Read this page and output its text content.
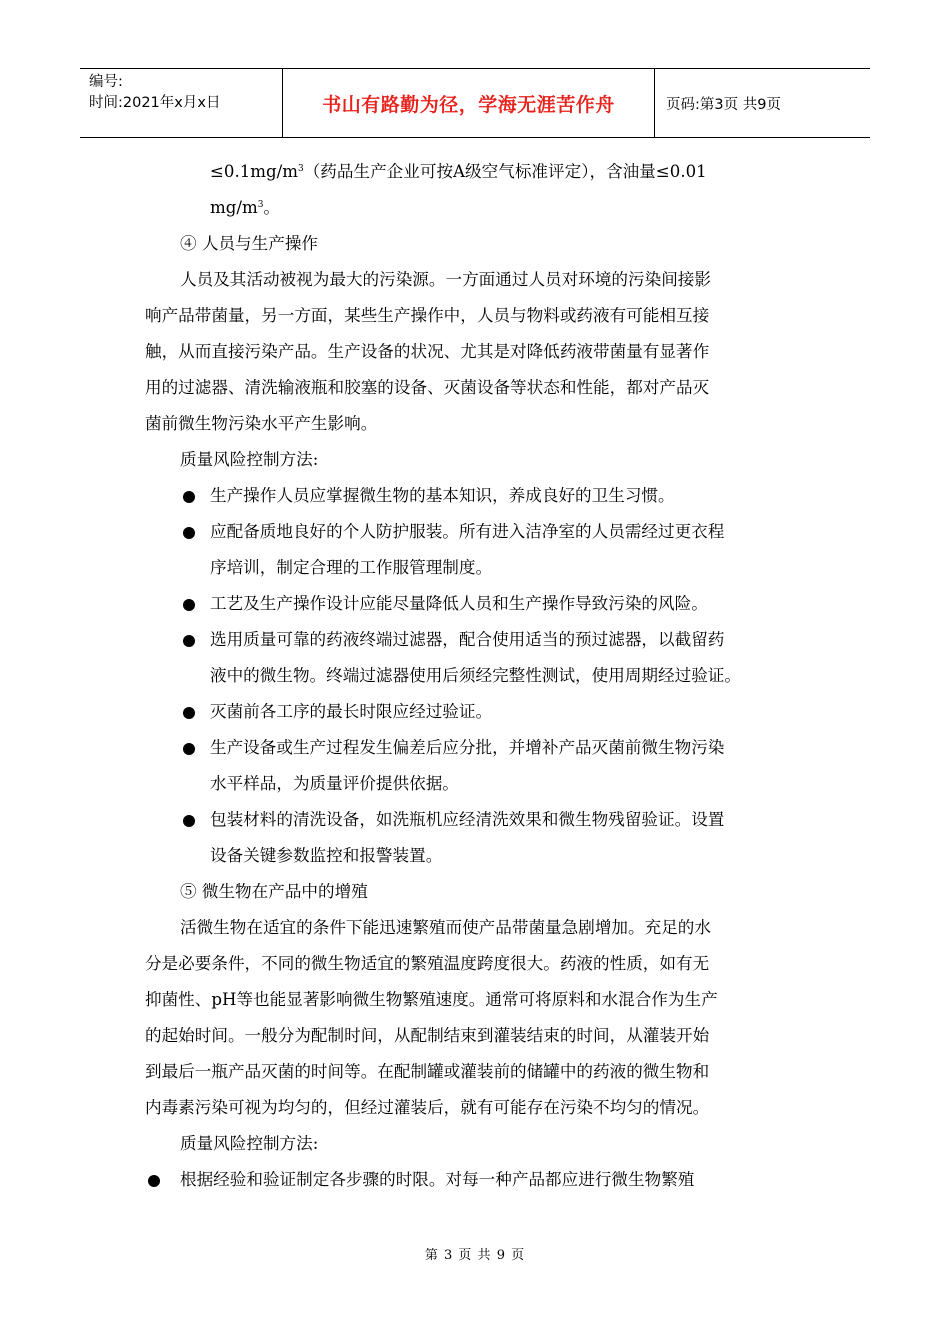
编号:
时间:2021年x月x日	书山有路勤为径，学海无涯苦作舟	页码:第3页 共9页
$\le 0.1mg/m^3$（药品生产企业可按A级空气标准评定），含油量≤0.01
$mg/m^3$。
④ 人员与生产操作
人员及其活动被视为最大的污染源。一方面通过人员对环境的污染间接影
响产品带菌量，另一方面，某些生产操作中，人员与物料或药液有可能相互接
触，从而直接污染产品。生产设备的状况、尤其是对降低药液带菌量有显著作
用的过滤器、清洗输液瓶和胶塞的设备、灭菌设备等状态和性能，都对产品灭
菌前微生物污染水平产生影响。
质量风险控制方法:
生产操作人员应掌握微生物的基本知识，养成良好的卫生习惯。
应配备质地良好的个人防护服装。所有进入洁净室的人员需经过更衣程
序培训，制定合理的工作服管理制度。
工艺及生产操作设计应能尽量降低人员和生产操作导致污染的风险。
选用质量可靠的药液终端过滤器，配合使用适当的预过滤器，以截留药
液中的微生物。终端过滤器使用后须经完整性测试，使用周期经过验证。
灭菌前各工序的最长时限应经过验证。
生产设备或生产过程发生偏差后应分批，并增补产品灭菌前微生物污染
水平样品，为质量评价提供依据。
包装材料的清洗设备，如洗瓶机应经清洗效果和微生物残留验证。设置
设备关键参数监控和报警装置。
⑤ 微生物在产品中的增殖
活微生物在适宜的条件下能迅速繁殖而使产品带菌量急剧增加。充足的水
分是必要条件，不同的微生物适宜的繁殖温度跨度很大。药液的性质，如有无
抑菌性、pH等也能显著影响微生物繁殖速度。通常可将原料和水混合作为生产
的起始时间。一般分为配制时间，从配制结束到灌装结束的时间，从灌装开始
到最后一瓶产品灭菌的时间等。在配制罐或灌装前的储罐中的药液的微生物和
内毒素污染可视为均匀的，但经过灌装后，就有可能存在污染不均匀的情况。
质量风险控制方法:
根据经验和验证制定各步骤的时限。对每一种产品都应进行微生物繁殖
第 3 页 共 9 页
